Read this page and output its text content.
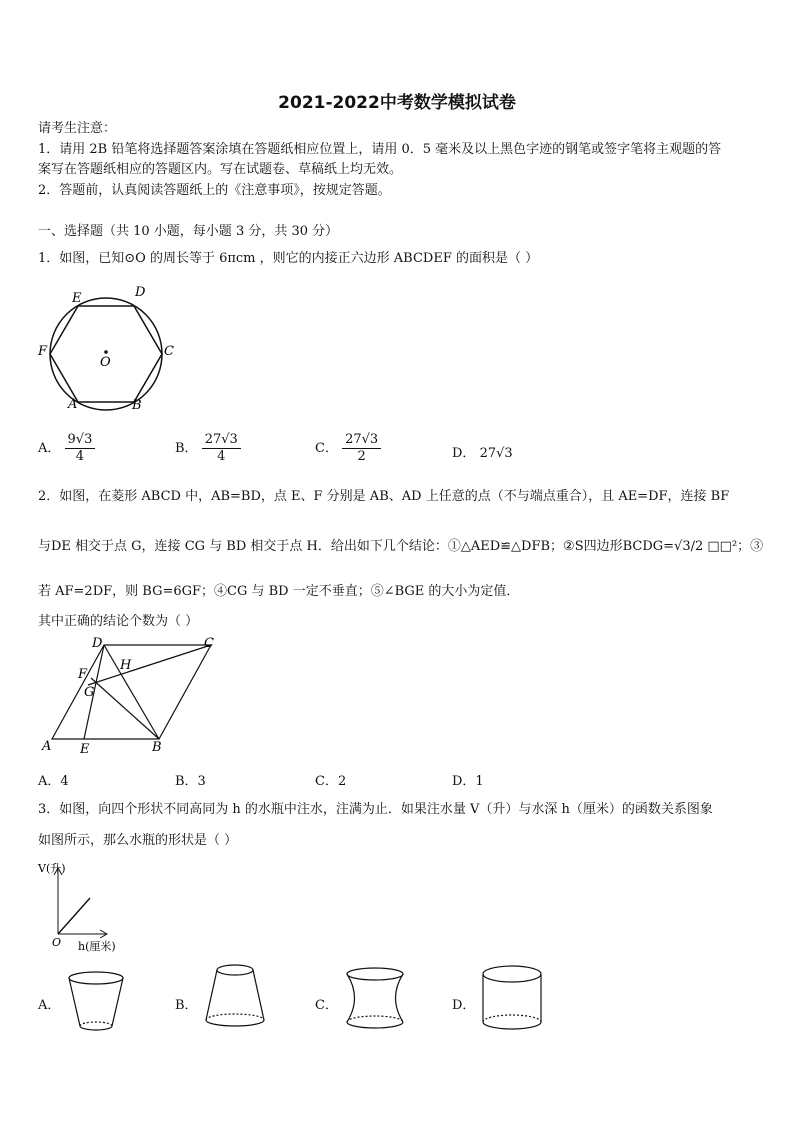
2021-2022中考数学模拟试卷
请考生注意：
1．请用 2B 铅笔将选择题答案涂填在答题纸相应位置上，请用 0．5 毫米及以上黑色字迹的钢笔或签字笔将主观题的答
案写在答题纸相应的答题区内。写在试题卷、草稿纸上均无效。
2．答题前，认真阅读答题纸上的《注意事项》，按规定答题。
一、选择题（共 10 小题，每小题 3 分，共 30 分）
1．如图，已知⊙O 的周长等于 6πcm ，则它的内接正六边形 ABCDEF 的面积是（ ）
E	D
F
O
C
A	B
A． $\frac{9√3}{4}$	B． $\frac{27√3}{4}$	C． $\frac{27√3}{2}$	D． 27√3
2．如图，在菱形 ABCD 中，AB=BD，点 E、F 分别是 AB、AD 上任意的点（不与端点重合），且 AE=DF，连接 BF
与DE 相交于点 G，连接 CG 与 BD 相交于点 H．给出如下几个结论：①△AED≌△DFB；②S四边形BCDG=√3/2 □□²；③
若 AF=2DF，则 BG=6GF；④CG 与 BD 一定不垂直；⑤∠BGE 的大小为定值．
其中正确的结论个数为（ ）
D	C
F
H
G
A E	B
A．4	B．3	C．2	D．1
3．如图，向四个形状不同高同为 h 的水瓶中注水，注满为止．如果注水量 V（升）与水深 h（厘米）的函数关系图象
如图所示，那么水瓶的形状是（ ）
V(升)
O h(厘米)
A．	B．	C．	D．
